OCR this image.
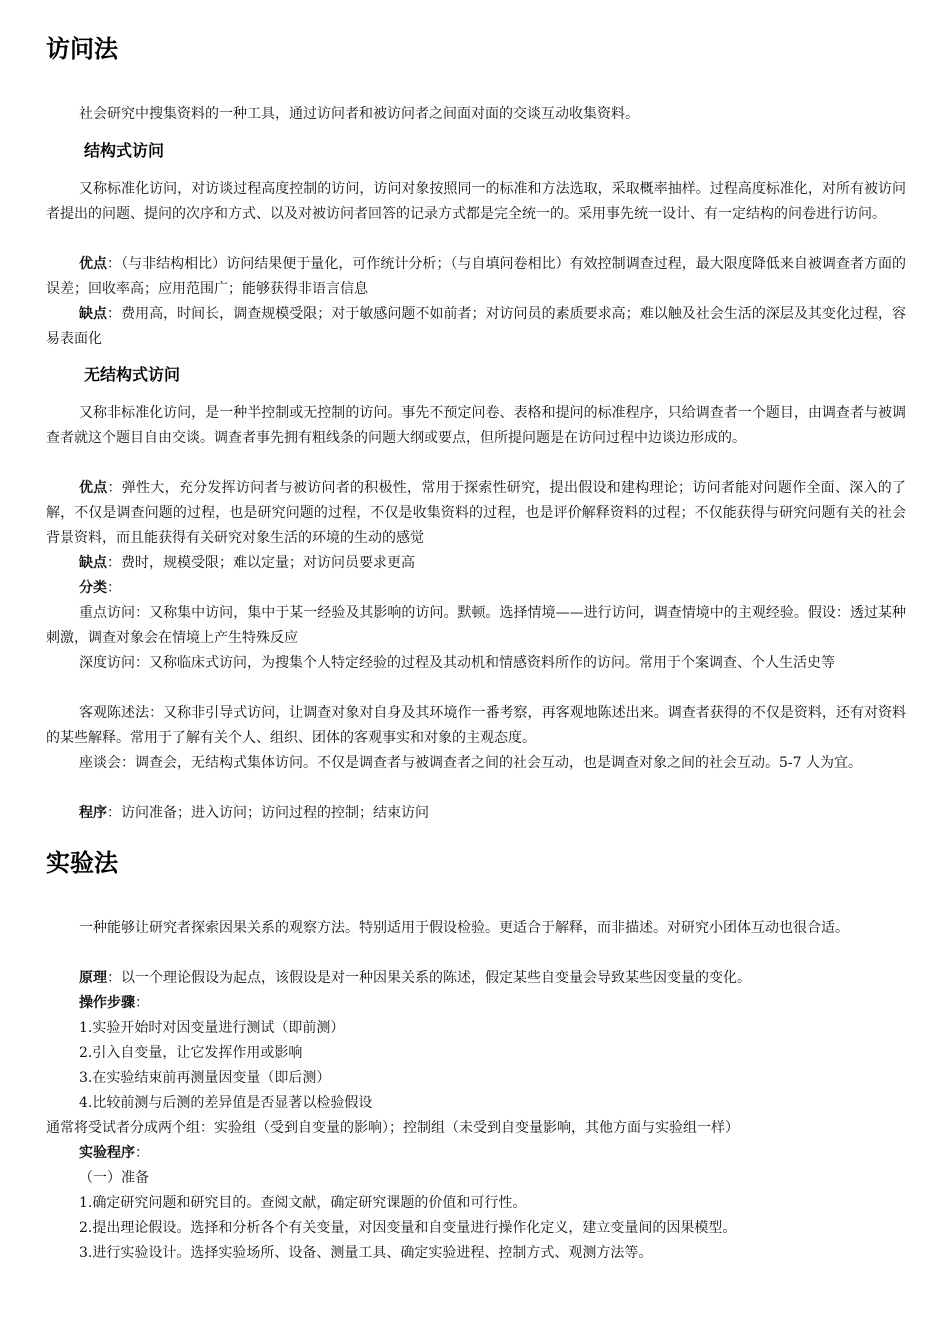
访问法

社会研究中搜集资料的一种工具，通过访问者和被访问者之间面对面的交谈互动收集资料。

结构式访问

又称标准化访问，对访谈过程高度控制的访问，访问对象按照同一的标准和方法选取，采取概率抽样。过程高度标准化，对所有被访问者提出的问题、提问的次序和方式、以及对被访问者回答的记录方式都是完全统一的。采用事先统一设计、有一定结构的问卷进行访问。

优点：（与非结构相比）访问结果便于量化，可作统计分析；（与自填问卷相比）有效控制调查过程，最大限度降低来自被调查者方面的误差；回收率高；应用范围广；能够获得非语言信息

缺点：费用高，时间长，调查规模受限；对于敏感问题不如前者；对访问员的素质要求高；难以触及社会生活的深层及其变化过程，容易表面化

无结构式访问

又称非标准化访问，是一种半控制或无控制的访问。事先不预定问卷、表格和提问的标准程序，只给调查者一个题目，由调查者与被调查者就这个题目自由交谈。调查者事先拥有粗线条的问题大纲或要点，但所提问题是在访问过程中边谈边形成的。

优点：弹性大，充分发挥访问者与被访问者的积极性，常用于探索性研究，提出假设和建构理论；访问者能对问题作全面、深入的了解，不仅是调查问题的过程，也是研究问题的过程，不仅是收集资料的过程，也是评价解释资料的过程；不仅能获得与研究问题有关的社会背景资料，而且能获得有关研究对象生活的环境的生动的感觉

缺点：费时，规模受限；难以定量；对访问员要求更高

分类：

重点访问：又称集中访问，集中于某一经验及其影响的访问。默顿。选择情境——进行访问，调查情境中的主观经验。假设：透过某种刺激，调查对象会在情境上产生特殊反应

深度访问：又称临床式访问，为搜集个人特定经验的过程及其动机和情感资料所作的访问。常用于个案调查、个人生活史等

客观陈述法：又称非引导式访问，让调查对象对自身及其环境作一番考察，再客观地陈述出来。调查者获得的不仅是资料，还有对资料的某些解释。常用于了解有关个人、组织、团体的客观事实和对象的主观态度。

座谈会：调查会，无结构式集体访问。不仅是调查者与被调查者之间的社会互动，也是调查对象之间的社会互动。5-7 人为宜。

程序：访问准备；进入访问；访问过程的控制；结束访问

实验法

一种能够让研究者探索因果关系的观察方法。特别适用于假设检验。更适合于解释，而非描述。对研究小团体互动也很合适。

原理：以一个理论假设为起点，该假设是对一种因果关系的陈述，假定某些自变量会导致某些因变量的变化。

操作步骤：

1.实验开始时对因变量进行测试（即前测）

2.引入自变量，让它发挥作用或影响

3.在实验结束前再测量因变量（即后测）

4.比较前测与后测的差异值是否显著以检验假设

通常将受试者分成两个组：实验组（受到自变量的影响）；控制组（未受到自变量影响，其他方面与实验组一样）

实验程序：

（一）准备

1.确定研究问题和研究目的。查阅文献，确定研究课题的价值和可行性。

2.提出理论假设。选择和分析各个有关变量，对因变量和自变量进行操作化定义，建立变量间的因果模型。

3.进行实验设计。选择实验场所、设备、测量工具、确定实验进程、控制方式、观测方法等。
